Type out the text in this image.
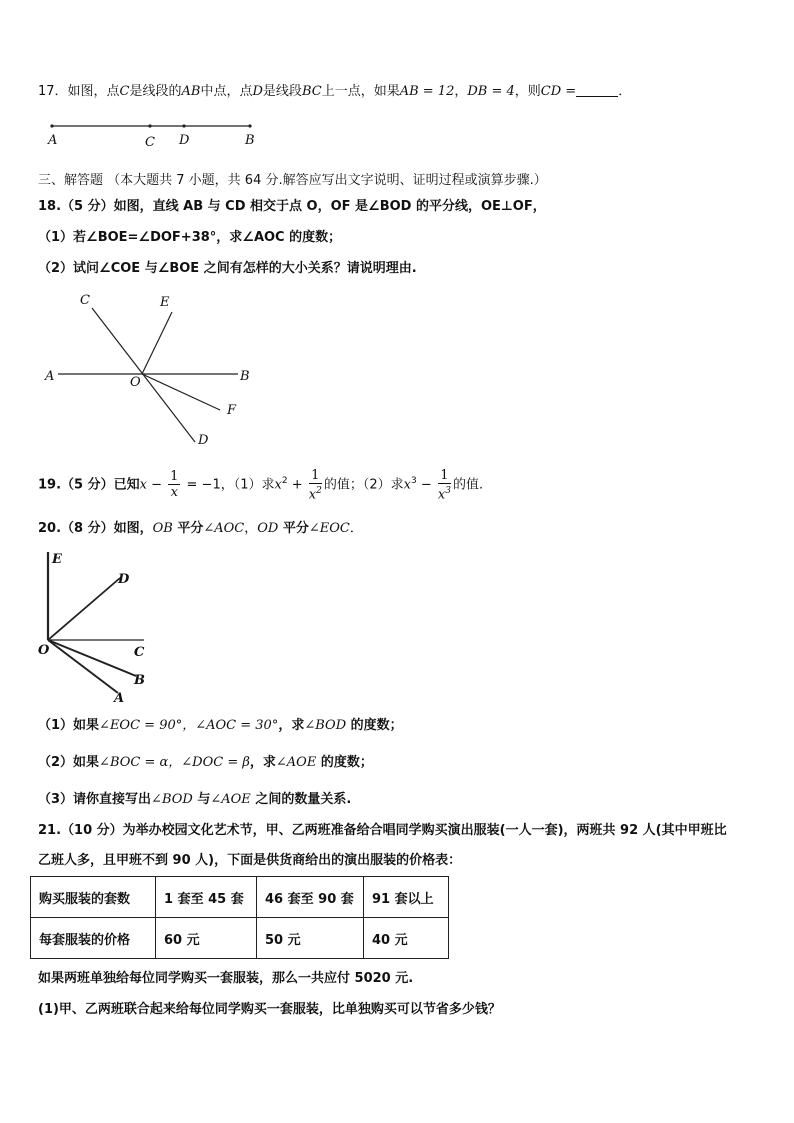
17．如图，点C是线段的AB中点，点D是线段BC上一点，如果AB = 12，DB = 4，则CD =	．
A	C D	B
三、解答题 （本大题共 7 小题，共 64 分.解答应写出文字说明、证明过程或演算步骤.）
18.（5 分）如图，直线 AB 与 CD 相交于点 O，OF 是∠BOD 的平分线，OE⊥OF，
（1）若∠BOE=∠DOF+38°，求∠AOC 的度数；
（2）试问∠COE 与∠BOE 之间有怎样的大小关系？请说明理由.
C	E
A	O	B
F
D
19.（5 分）已知$x - \frac{1}{x} = -1$，（1）求$x^2 + \frac{1}{x^2}$ 的值；（2）求$x^3 - \frac{1}{x^3}$ 的值.
20.（8 分）如图，OB 平分∠AOC，OD 平分∠EOC．
E
D
O	C
B
A
（1）如果∠EOC = 90°，∠AOC = 30°，求∠BOD 的度数；
（2）如果∠BOC = α，∠DOC = β，求∠AOE 的度数；
（3）请你直接写出∠BOD 与∠AOE 之间的数量关系.
21.（10 分）为举办校园文化艺术节，甲、乙两班准备给合唱同学购买演出服装(一人一套)，两班共 92 人(其中甲班比
乙班人多，且甲班不到 90 人)，下面是供货商给出的演出服装的价格表：
购买服装的套数	1 套至 45 套	46 套至 90 套	91 套以上
每套服装的价格	60 元	50 元	40 元
如果两班单独给每位同学购买一套服装，那么一共应付 5020 元.
(1)甲、乙两班联合起来给每位同学购买一套服装，比单独购买可以节省多少钱？
